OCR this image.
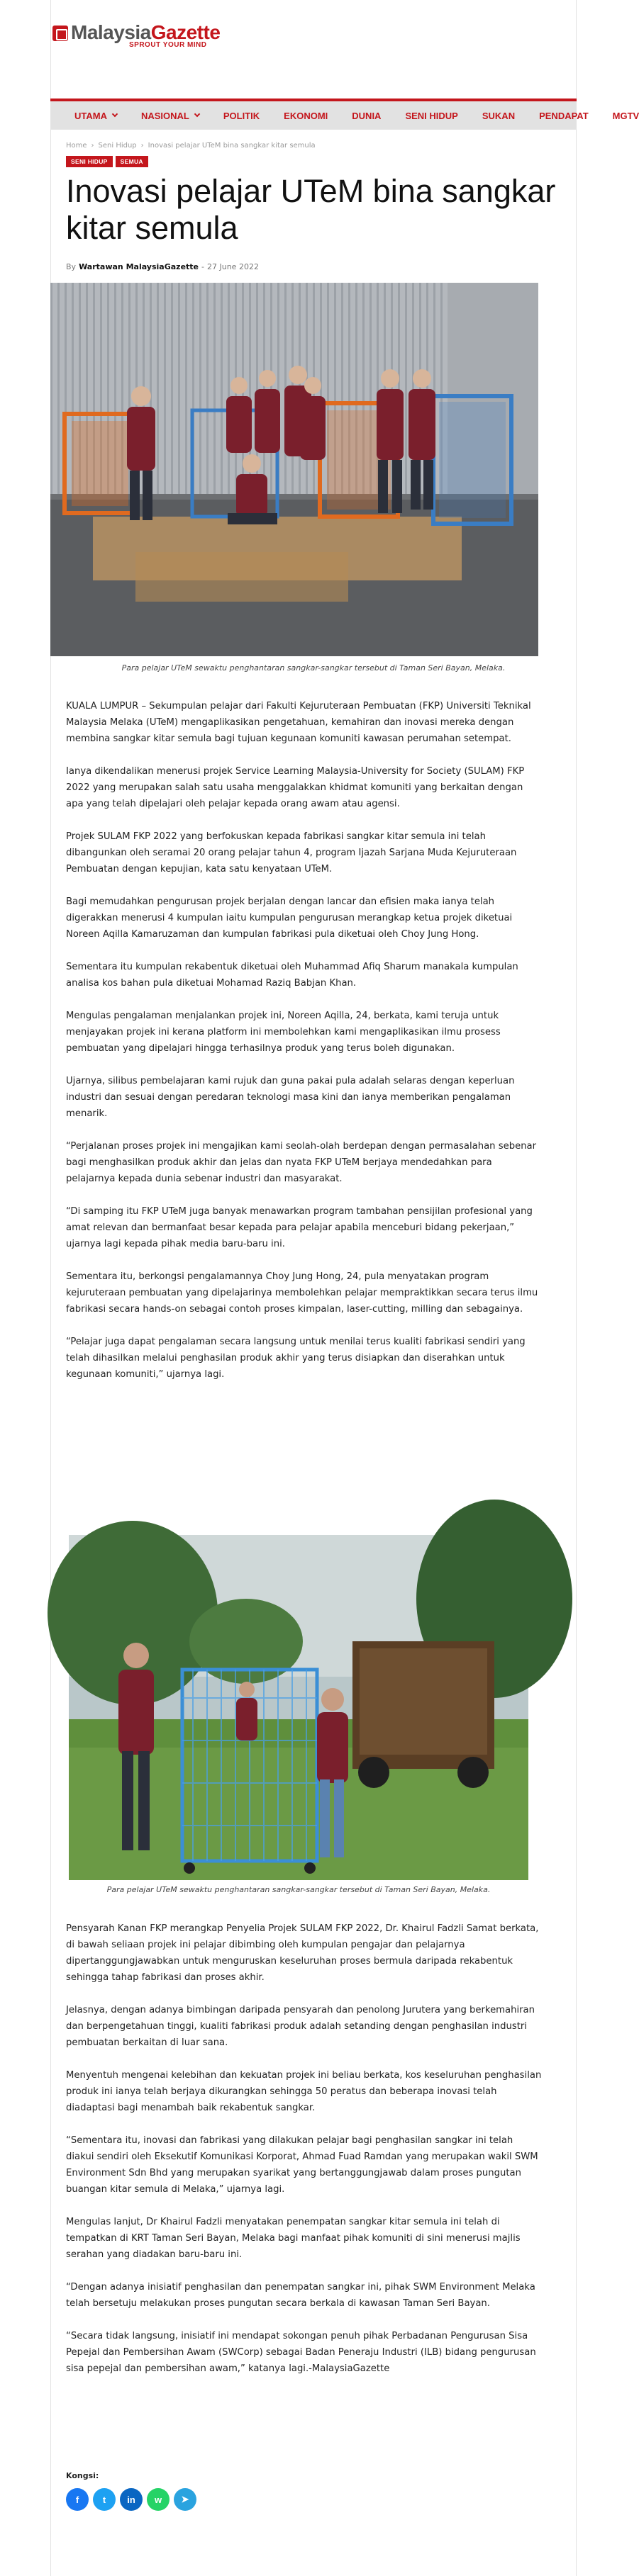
MalaysiaGazette
SPROUT YOUR MIND
UTAMA	NASIONAL	POLITIK	EKONOMI	DUNIA	SENI HIDUP	SUKAN	PENDAPAT	MGTV
Home › Seni Hidup › Inovasi pelajar UTeM bina sangkar kitar semula
SENI HIDUP	SEMUA
Inovasi pelajar UTeM bina sangkar kitar semula
By Wartawan MalaysiaGazette - 27 June 2022
Para pelajar UTeM sewaktu penghantaran sangkar-sangkar tersebut di Taman Seri Bayan, Melaka.

KUALA LUMPUR – Sekumpulan pelajar dari Fakulti Kejuruteraan Pembuatan (FKP) Universiti Teknikal Malaysia Melaka (UTeM) mengaplikasikan pengetahuan, kemahiran dan inovasi mereka dengan membina sangkar kitar semula bagi tujuan kegunaan komuniti kawasan perumahan setempat.

Ianya dikendalikan menerusi projek Service Learning Malaysia-University for Society (SULAM) FKP 2022 yang merupakan salah satu usaha menggalakkan khidmat komuniti yang berkaitan dengan apa yang telah dipelajari oleh pelajar kepada orang awam atau agensi.

Projek SULAM FKP 2022 yang berfokuskan kepada fabrikasi sangkar kitar semula ini telah dibangunkan oleh seramai 20 orang pelajar tahun 4, program Ijazah Sarjana Muda Kejuruteraan Pembuatan dengan kepujian, kata satu kenyataan UTeM.

Bagi memudahkan pengurusan projek berjalan dengan lancar dan efisien maka ianya telah digerakkan menerusi 4 kumpulan iaitu kumpulan pengurusan merangkap ketua projek diketuai Noreen Aqilla Kamaruzaman dan kumpulan fabrikasi pula diketuai oleh Choy Jung Hong.

Sementara itu kumpulan rekabentuk diketuai oleh Muhammad Afiq Sharum manakala kumpulan analisa kos bahan pula diketuai Mohamad Raziq Babjan Khan.

Mengulas pengalaman menjalankan projek ini, Noreen Aqilla, 24, berkata, kami teruja untuk menjayakan projek ini kerana platform ini membolehkan kami mengaplikasikan ilmu prosess pembuatan yang dipelajari hingga terhasilnya produk yang terus boleh digunakan.

Ujarnya, silibus pembelajaran kami rujuk dan guna pakai pula adalah selaras dengan keperluan industri dan sesuai dengan peredaran teknologi masa kini dan ianya memberikan pengalaman menarik.

“Perjalanan proses projek ini mengajikan kami seolah-olah berdepan dengan permasalahan sebenar bagi menghasilkan produk akhir dan jelas dan nyata FKP UTeM berjaya mendedahkan para pelajarnya kepada dunia sebenar industri dan masyarakat.

“Di samping itu FKP UTeM juga banyak menawarkan program tambahan pensijilan profesional yang amat relevan dan bermanfaat besar kepada para pelajar apabila menceburi bidang pekerjaan,” ujarnya lagi kepada pihak media baru-baru ini.

Sementara itu, berkongsi pengalamannya Choy Jung Hong, 24, pula menyatakan program kejuruteraan pembuatan yang dipelajarinya membolehkan pelajar mempraktikkan secara terus ilmu fabrikasi secara hands-on sebagai contoh proses kimpalan, laser-cutting, milling dan sebagainya.

“Pelajar juga dapat pengalaman secara langsung untuk menilai terus kualiti fabrikasi sendiri yang telah dihasilkan melalui penghasilan produk akhir yang terus disiapkan dan diserahkan untuk kegunaan komuniti,” ujarnya lagi.

Para pelajar UTeM sewaktu penghantaran sangkar-sangkar tersebut di Taman Seri Bayan, Melaka.

Pensyarah Kanan FKP merangkap Penyelia Projek SULAM FKP 2022, Dr. Khairul Fadzli Samat berkata, di bawah seliaan projek ini pelajar dibimbing oleh kumpulan pengajar dan pelajarnya dipertanggungjawabkan untuk menguruskan keseluruhan proses bermula daripada rekabentuk sehingga tahap fabrikasi dan proses akhir.

Jelasnya, dengan adanya bimbingan daripada pensyarah dan penolong Jurutera yang berkemahiran dan berpengetahuan tinggi, kualiti fabrikasi produk adalah setanding dengan penghasilan industri pembuatan berkaitan di luar sana.

Menyentuh mengenai kelebihan dan kekuatan projek ini beliau berkata, kos keseluruhan penghasilan produk ini ianya telah berjaya dikurangkan sehingga 50 peratus dan beberapa inovasi telah diadaptasi bagi menambah baik rekabentuk sangkar.

“Sementara itu, inovasi dan fabrikasi yang dilakukan pelajar bagi penghasilan sangkar ini telah diakui sendiri oleh Eksekutif Komunikasi Korporat, Ahmad Fuad Ramdan yang merupakan wakil SWM Environment Sdn Bhd yang merupakan syarikat yang bertanggungjawab dalam proses pungutan buangan kitar semula di Melaka,” ujarnya lagi.

Mengulas lanjut, Dr Khairul Fadzli menyatakan penempatan sangkar kitar semula ini telah di tempatkan di KRT Taman Seri Bayan, Melaka bagi manfaat pihak komuniti di sini menerusi majlis serahan yang diadakan baru-baru ini.

“Dengan adanya inisiatif penghasilan dan penempatan sangkar ini, pihak SWM Environment Melaka telah bersetuju melakukan proses pungutan secara berkala di kawasan Taman Seri Bayan.

“Secara tidak langsung, inisiatif ini mendapat sokongan penuh pihak Perbadanan Pengurusan Sisa Pepejal dan Pembersihan Awam (SWCorp) sebagai Badan Peneraju Industri (ILB) bidang pengurusan sisa pepejal dan pembersihan awam,” katanya lagi.-MalaysiaGazette

Kongsi:
f	t	in	w	➤
